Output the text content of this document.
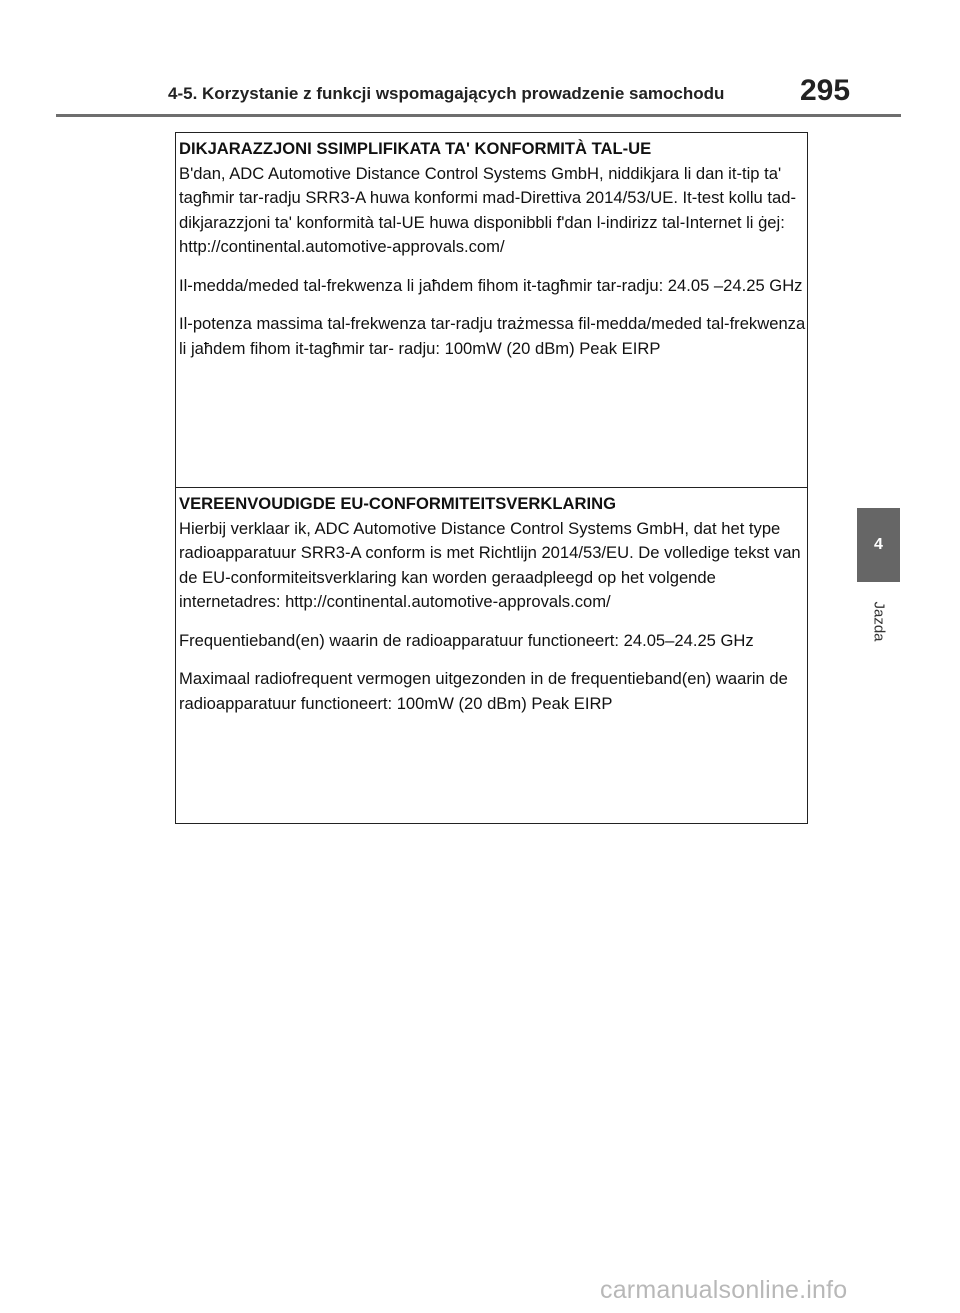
4-5. Korzystanie z funkcji wspomagających prowadzenie samochodu	295
DIKJARAZZJONI SSIMPLIFIKATA TA' KONFORMITÀ TAL-UE

B'dan, ADC Automotive Distance Control Systems GmbH, niddikjara li dan it-tip ta' tagħmir tar-radju SRR3-A huwa konformi mad-Direttiva 2014/53/UE. It-test kollu tad-dikjarazzjoni ta' konformità tal-UE huwa disponibbli f'dan l-indirizz tal-Internet li ġej: http://continental.automotive-approvals.com/

Il-medda/meded tal-frekwenza li jaħdem fihom it-tagħmir tar-radju: 24.05 –24.25 GHz

Il-potenza massima tal-frekwenza tar-radju trażmessa fil-medda/meded tal-frekwenza li jaħdem fihom it-tagħmir tar- radju: 100mW (20 dBm) Peak EIRP

VEREENVOUDIGDE EU-CONFORMITEITSVERKLARING

Hierbij verklaar ik, ADC Automotive Distance Control Systems GmbH, dat het type radioapparatuur SRR3-A conform is met Richtlijn 2014/53/EU. De volledige tekst van de EU-conformiteitsverklaring kan worden geraadpleegd op het volgende internetadres: http://continental.automotive-approvals.com/

Frequentieband(en) waarin de radioapparatuur functioneert: 24.05–24.25 GHz

Maximaal radiofrequent vermogen uitgezonden in de frequentieband(en) waarin de radioapparatuur functioneert: 100mW (20 dBm) Peak EIRP

4
Jazda
carmanualsonline.info
